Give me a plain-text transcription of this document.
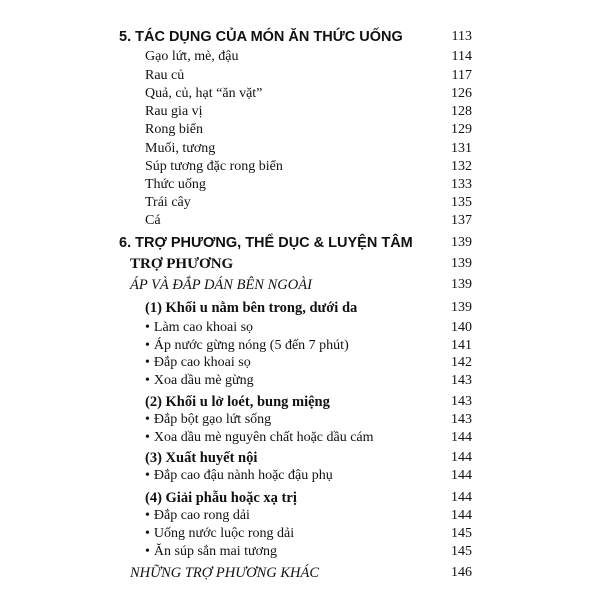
5. TÁC DỤNG CỦA MÓN ĂN THỨC UỐNG	113
Gạo lứt, mè, đậu	114
Rau củ	117
Quả, củ, hạt “ăn vặt”	126
Rau gia vị	128
Rong biển	129
Muối, tương	131
Súp tương đặc rong biển	132
Thức uống	133
Trái cây	135
Cá	137
6. TRỢ PHƯƠNG, THỂ DỤC & LUYỆN TÂM	139
TRỢ PHƯƠNG	139
ÁP VÀ ĐẮP DÁN BÊN NGOÀI	139
(1) Khối u nằm bên trong, dưới da	139
• Làm cao khoai sọ	140
• Áp nước gừng nóng (5 đến 7 phút)	141
• Đắp cao khoai sọ	142
• Xoa dầu mè gừng	143
(2) Khối u lở loét, bung miệng	143
• Đắp bột gạo lứt sống	143
• Xoa dầu mè nguyên chất hoặc dầu cám	144
(3) Xuất huyết nội	144
• Đắp cao đậu nành hoặc đậu phụ	144
(4) Giải phẫu hoặc xạ trị	144
• Đắp cao rong dải	144
• Uống nước luộc rong dải	145
• Ăn súp sắn mai tương	145
NHỮNG TRỢ PHƯƠNG KHÁC	146
